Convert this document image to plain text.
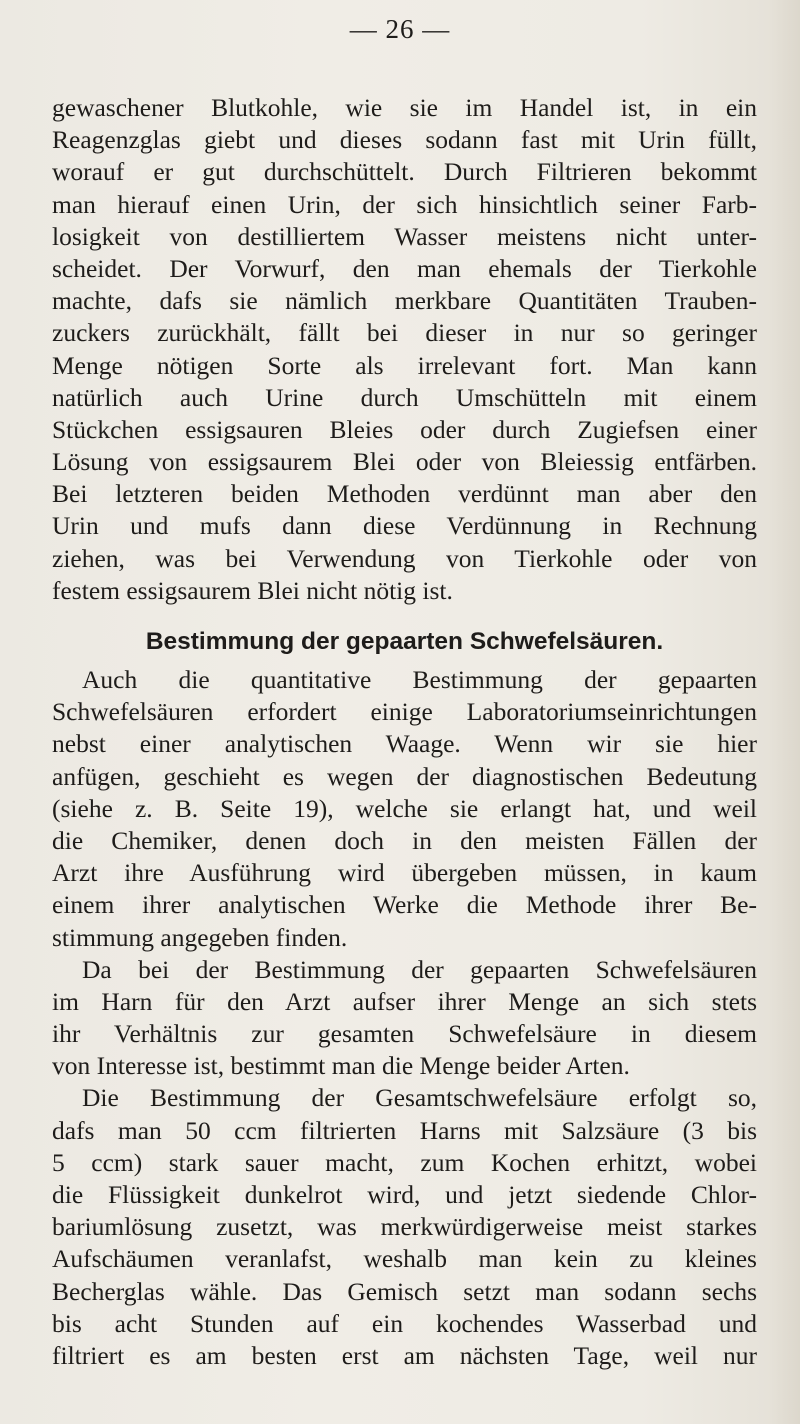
— 26 —
gewaschener Blutkohle, wie sie im Handel ist, in ein
Reagenzglas giebt und dieses sodann fast mit Urin füllt,
worauf er gut durchschüttelt. Durch Filtrieren bekommt
man hierauf einen Urin, der sich hinsichtlich seiner Farb-
losigkeit von destilliertem Wasser meistens nicht unter-
scheidet. Der Vorwurf, den man ehemals der Tierkohle
machte, dafs sie nämlich merkbare Quantitäten Trauben-
zuckers zurückhält, fällt bei dieser in nur so geringer
Menge nötigen Sorte als irrelevant fort. Man kann
natürlich auch Urine durch Umschütteln mit einem
Stückchen essigsauren Bleies oder durch Zugiefsen einer
Lösung von essigsaurem Blei oder von Bleiessig entfärben.
Bei letzteren beiden Methoden verdünnt man aber den
Urin und mufs dann diese Verdünnung in Rechnung
ziehen, was bei Verwendung von Tierkohle oder von
festem essigsaurem Blei nicht nötig ist.
Bestimmung der gepaarten Schwefelsäuren.
Auch die quantitative Bestimmung der gepaarten
Schwefelsäuren erfordert einige Laboratoriumseinrichtungen
nebst einer analytischen Waage. Wenn wir sie hier
anfügen, geschieht es wegen der diagnostischen Bedeutung
(siehe z. B. Seite 19), welche sie erlangt hat, und weil
die Chemiker, denen doch in den meisten Fällen der
Arzt ihre Ausführung wird übergeben müssen, in kaum
einem ihrer analytischen Werke die Methode ihrer Be-
stimmung angegeben finden.
Da bei der Bestimmung der gepaarten Schwefelsäuren
im Harn für den Arzt aufser ihrer Menge an sich stets
ihr Verhältnis zur gesamten Schwefelsäure in diesem
von Interesse ist, bestimmt man die Menge beider Arten.
Die Bestimmung der Gesamtschwefelsäure erfolgt so,
dafs man 50 ccm filtrierten Harns mit Salzsäure (3 bis
5 ccm) stark sauer macht, zum Kochen erhitzt, wobei
die Flüssigkeit dunkelrot wird, und jetzt siedende Chlor-
bariumlösung zusetzt, was merkwürdigerweise meist starkes
Aufschäumen veranlafst, weshalb man kein zu kleines
Becherglas wähle. Das Gemisch setzt man sodann sechs
bis acht Stunden auf ein kochendes Wasserbad und
filtriert es am besten erst am nächsten Tage, weil nur
